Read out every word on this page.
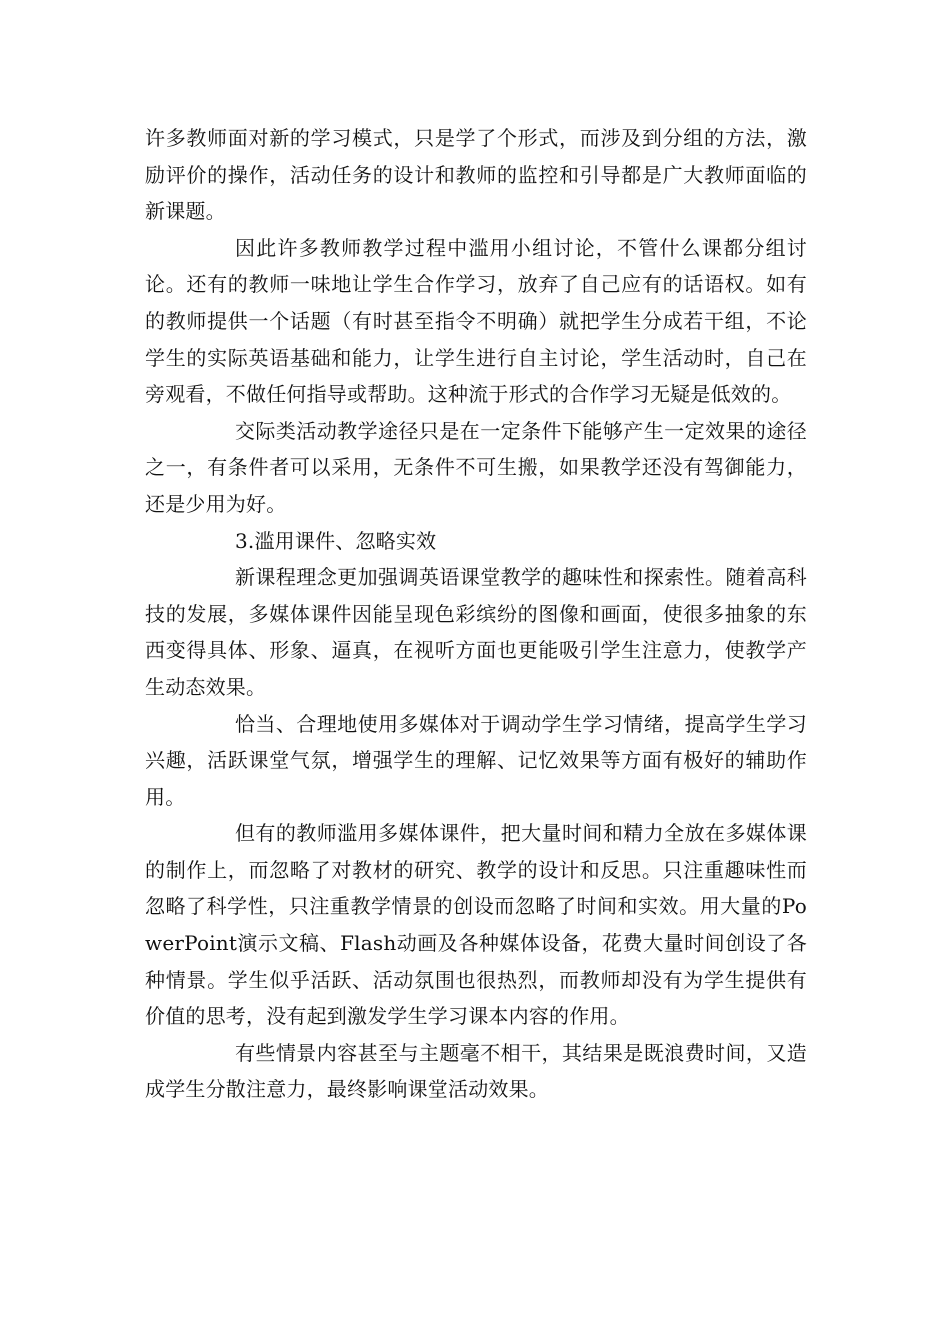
许多教师面对新的学习模式，只是学了个形式，而涉及到分组的方法，激励评价的操作，活动任务的设计和教师的监控和引导都是广大教师面临的新课题。

因此许多教师教学过程中滥用小组讨论，不管什么课都分组讨论。还有的教师一味地让学生合作学习，放弃了自己应有的话语权。如有的教师提供一个话题（有时甚至指令不明确）就把学生分成若干组，不论学生的实际英语基础和能力，让学生进行自主讨论，学生活动时，自己在旁观看，不做任何指导或帮助。这种流于形式的合作学习无疑是低效的。

交际类活动教学途径只是在一定条件下能够产生一定效果的途径之一，有条件者可以采用，无条件不可生搬，如果教学还没有驾御能力，还是少用为好。

3.滥用课件、忽略实效

新课程理念更加强调英语课堂教学的趣味性和探索性。随着高科技的发展，多媒体课件因能呈现色彩缤纷的图像和画面，使很多抽象的东西变得具体、形象、逼真，在视听方面也更能吸引学生注意力，使教学产生动态效果。

恰当、合理地使用多媒体对于调动学生学习情绪，提高学生学习兴趣，活跃课堂气氛，增强学生的理解、记忆效果等方面有极好的辅助作用。

但有的教师滥用多媒体课件，把大量时间和精力全放在多媒体课的制作上，而忽略了对教材的研究、教学的设计和反思。只注重趣味性而忽略了科学性，只注重教学情景的创设而忽略了时间和实效。用大量的PowerPoint演示文稿、Flash动画及各种媒体设备，花费大量时间创设了各种情景。学生似乎活跃、活动氛围也很热烈，而教师却没有为学生提供有价值的思考，没有起到激发学生学习课本内容的作用。

有些情景内容甚至与主题毫不相干，其结果是既浪费时间，又造成学生分散注意力，最终影响课堂活动效果。
